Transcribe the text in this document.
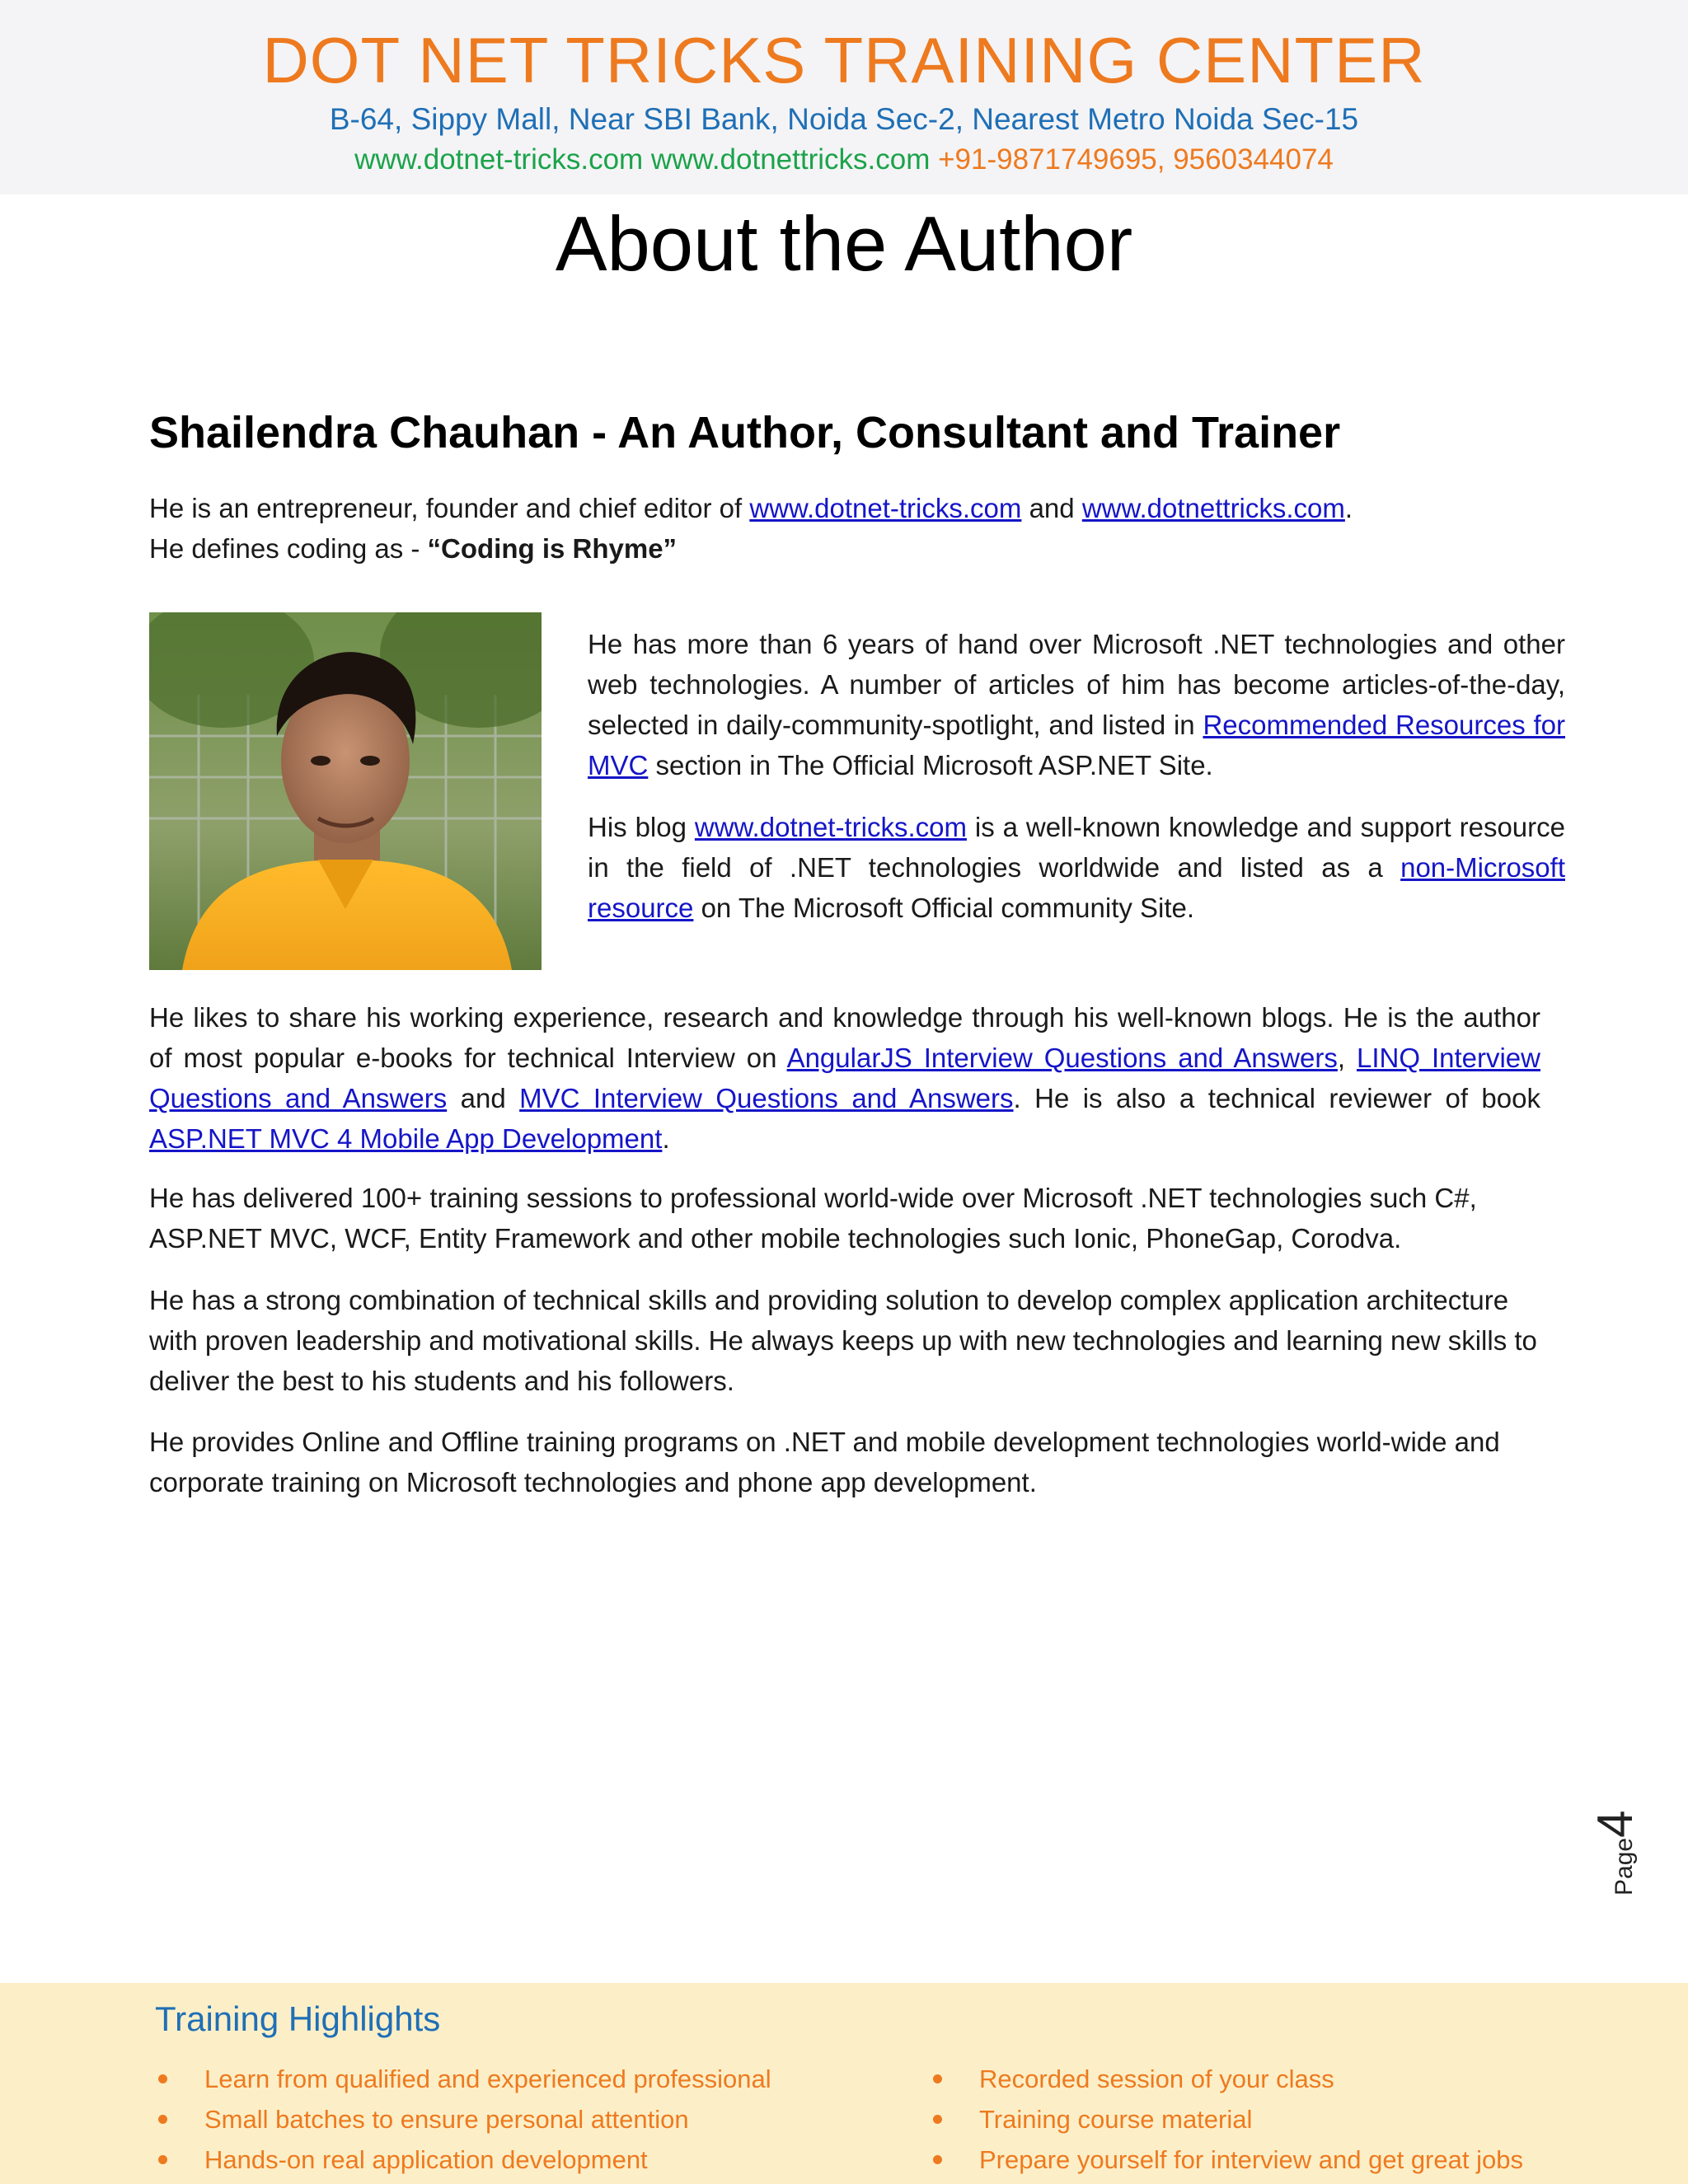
DOT NET TRICKS TRAINING CENTER
B-64, Sippy Mall, Near SBI Bank, Noida Sec-2, Nearest Metro Noida Sec-15
www.dotnet-tricks.com www.dotnettricks.com +91-9871749695, 9560344074
About the Author
Shailendra Chauhan - An Author, Consultant and Trainer
He is an entrepreneur, founder and chief editor of www.dotnet-tricks.com and www.dotnettricks.com.
He defines coding as - “Coding is Rhyme”
He has more than 6 years of hand over Microsoft .NET technologies and other web technologies. A number of articles of him has become articles-of-the-day, selected in daily-community-spotlight, and listed in Recommended Resources for MVC section in The Official Microsoft ASP.NET Site.
His blog www.dotnet-tricks.com is a well-known knowledge and support resource in the field of .NET technologies worldwide and listed as a non-Microsoft resource on The Microsoft Official community Site.
He likes to share his working experience, research and knowledge through his well-known blogs. He is the author of most popular e-books for technical Interview on AngularJS Interview Questions and Answers, LINQ Interview Questions and Answers and MVC Interview Questions and Answers. He is also a technical reviewer of book ASP.NET MVC 4 Mobile App Development.
He has delivered 100+ training sessions to professional world-wide over Microsoft .NET technologies such C#, ASP.NET MVC, WCF, Entity Framework and other mobile technologies such Ionic, PhoneGap, Corodva.
He has a strong combination of technical skills and providing solution to develop complex application architecture with proven leadership and motivational skills. He always keeps up with new technologies and learning new skills to deliver the best to his students and his followers.
He provides Online and Offline training programs on .NET and mobile development technologies world-wide and corporate training on Microsoft technologies and phone app development.
Page4
Training Highlights
Learn from qualified and experienced professional
Small batches to ensure personal attention
Hands-on real application development
Recorded session of your class
Training course material
Prepare yourself for interview and get great jobs
